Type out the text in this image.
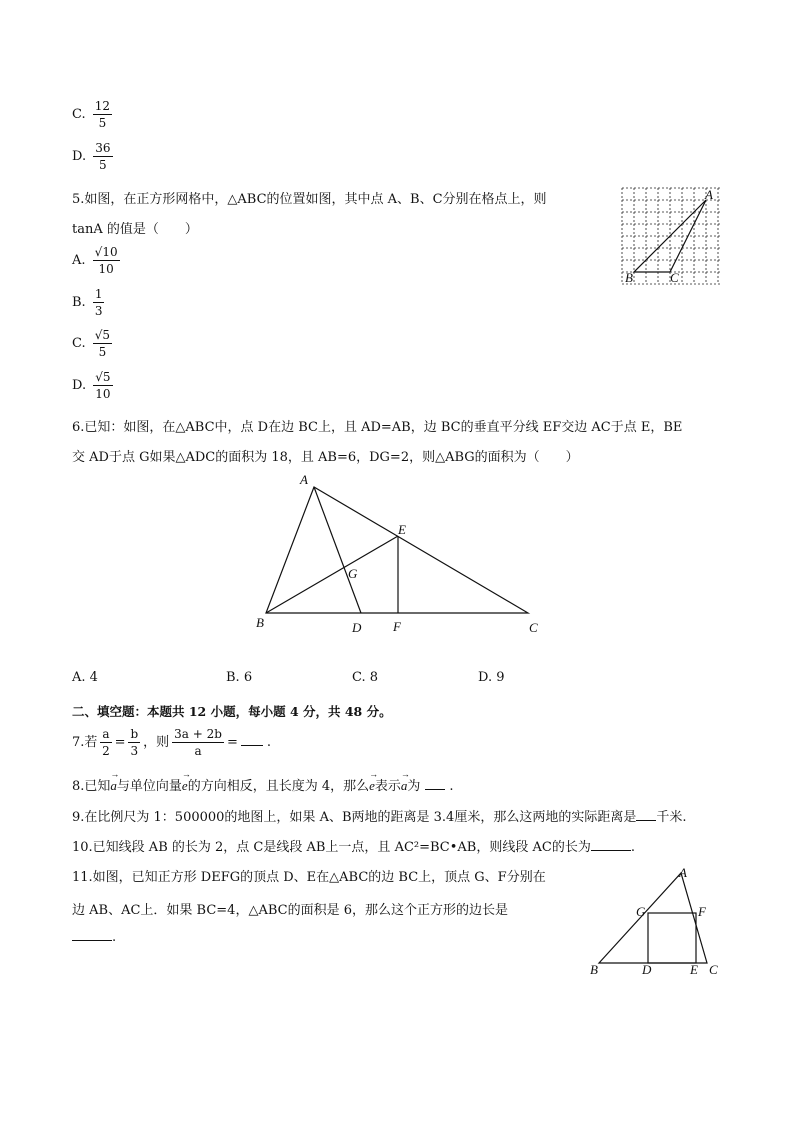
C. $\frac{12}{5}$
D. $\frac{36}{5}$
5.如图，在正方形网格中，△ABC的位置如图，其中点 A、B、C分别在格点上，则
tanA 的值是（　　）
A. $\frac{√10}{10}$
B. $\frac{1}{3}$
C. $\frac{√5}{5}$
D. $\frac{√5}{10}$
A
B	C
6.已知：如图，在△ABC中，点 D在边 BC上，且 AD=AB，边 BC的垂直平分线 EF交边 AC于点 E，BE
交 AD于点 G如果△ADC的面积为 18，且 AB=6，DG=2，则△ABG的面积为（　　）
A
B	D F	C
E
G
A. 4	B. 6	C. 8	D. 9
二、填空题：本题共 12 小题，每小题 4 分，共 48 分。
7.若 $\frac{a}{2} = \frac{b}{3}$ ，则 $\frac{3a + 2b}{a}$ = .
8.已知→ a与单位向量→ e的方向相反，且长度为 4，那么→ e表示→ a为 .
9.在比例尺为 1：500000的地图上，如果 A、B两地的距离是 3.4厘米，那么这两地的实际距离是 千米.
10.已知线段 AB 的长为 2，点 C是线段 AB上一点，且 AC²=BC•AB，则线段 AC的长为	.
11.如图，已知正方形 DEFG的顶点 D、E在△ABC的边 BC上，顶点 G、F分别在
边 AB、AC上．如果 BC=4，△ABC的面积是 6，那么这个正方形的边长是
.
A
B	D	E C
G	F
